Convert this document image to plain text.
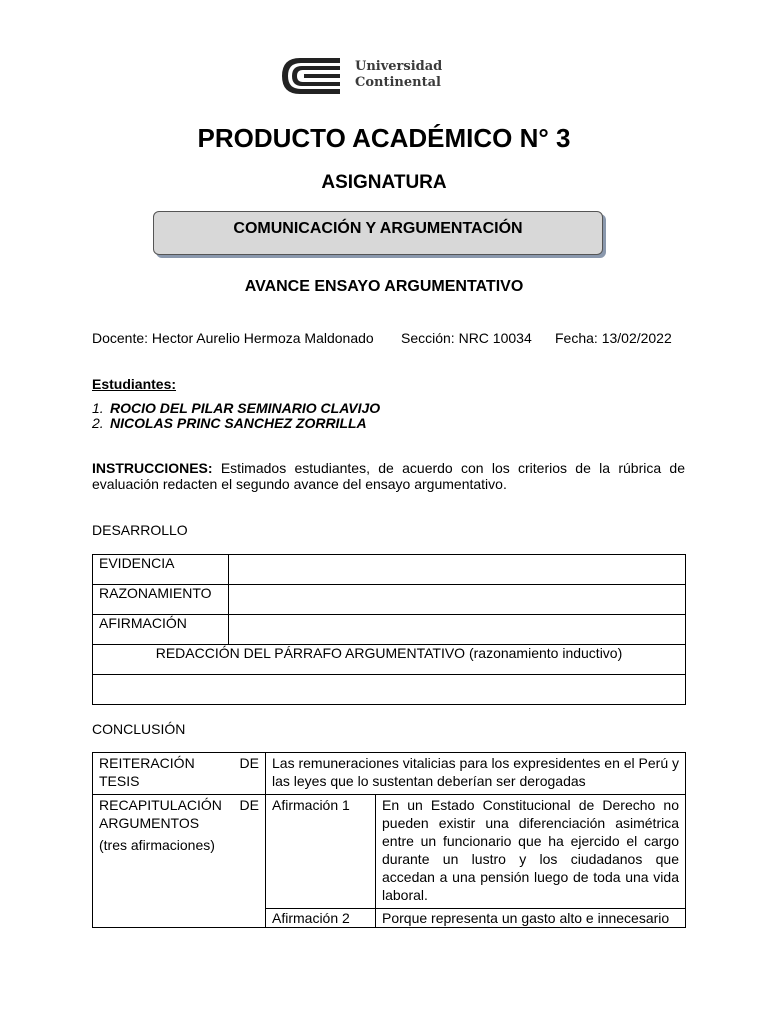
Universidad
Continental
PRODUCTO ACADÉMICO N° 3
ASIGNATURA
COMUNICACIÓN Y ARGUMENTACIÓN
AVANCE ENSAYO ARGUMENTATIVO
Docente: Hector Aurelio Hermoza Maldonado Sección: NRC 10034 Fecha: 13/02/2022
Estudiantes:
1. ROCIO DEL PILAR SEMINARIO CLAVIJO
2. NICOLAS PRINC SANCHEZ ZORRILLA
INSTRUCCIONES: Estimados estudiantes, de acuerdo con los criterios de la rúbrica de evaluación redacten el segundo avance del ensayo argumentativo.
DESARROLLO
EVIDENCIA	
RAZONAMIENTO	
AFIRMACIÓN	
REDACCIÓN DEL PÁRRAFO ARGUMENTATIVO (razonamiento inductivo)	

CONCLUSIÓN
REITERACIÓN DE TESIS	Las remuneraciones vitalicias para los expresidentes en el Perú y las leyes que lo sustentan deberían ser derogadas	

RECAPITULACIÓN DE ARGUMENTOS
(tres afirmaciones)	Afirmación 1	En un Estado Constitucional de Derecho no pueden existir una diferenciación asimétrica entre un funcionario que ha ejercido el cargo durante un lustro y los ciudadanos que accedan a una pensión luego de toda una vida laboral.
	Afirmación 2	Porque representa un gasto alto e innecesario
